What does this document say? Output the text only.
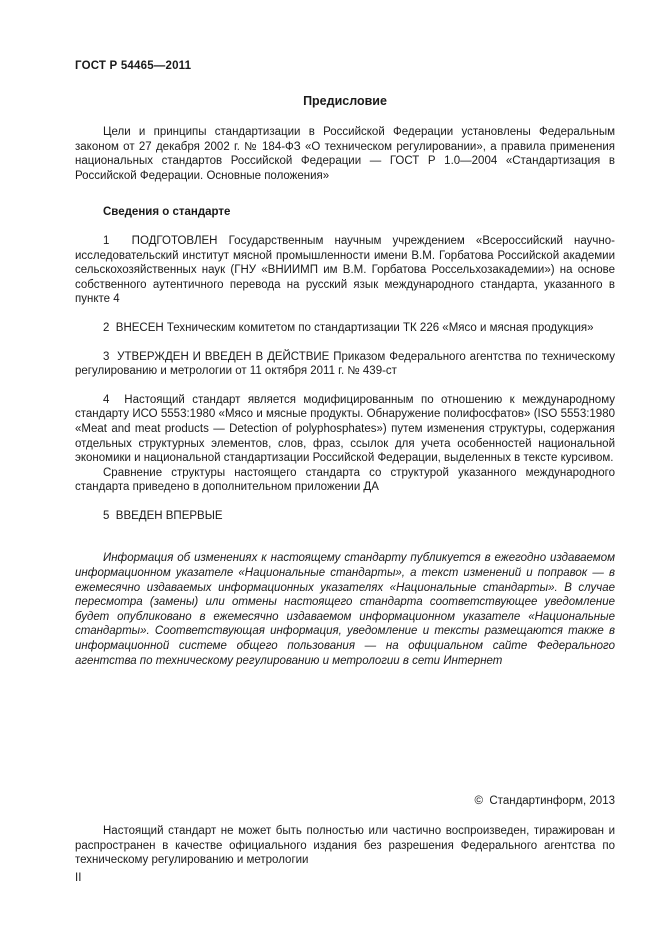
ГОСТ Р 54465—2011
Предисловие

Цели и принципы стандартизации в Российской Федерации установлены Федеральным законом от 27 декабря 2002 г. № 184-ФЗ «О техническом регулировании», а правила применения национальных стандартов Российской Федерации — ГОСТ Р 1.0—2004 «Стандартизация в Российской Федерации. Основные положения»

Сведения о стандарте

1  ПОДГОТОВЛЕН Государственным научным учреждением «Всероссийский научно-исследовательский институт мясной промышленности имени В.М. Горбатова Российской академии сельскохозяйственных наук (ГНУ «ВНИИМП им В.М. Горбатова Россельхозакадемии») на основе собственного аутентичного перевода на русский язык международного стандарта, указанного в пункте 4

2  ВНЕСЕН Техническим комитетом по стандартизации ТК 226 «Мясо и мясная продукция»

3  УТВЕРЖДЕН И ВВЕДЕН В ДЕЙСТВИЕ Приказом Федерального агентства по техническому регулированию и метрологии от 11 октября 2011 г. № 439-ст

4  Настоящий стандарт является модифицированным по отношению к международному стандарту ИСО 5553:1980 «Мясо и мясные продукты. Обнаружение полифосфатов» (ISO 5553:1980 «Meat and meat products — Detection of polyphosphates») путем изменения структуры, содержания отдельных структурных элементов, слов, фраз, ссылок для учета особенностей национальной экономики и национальной стандартизации Российской Федерации, выделенных в тексте курсивом.

Сравнение структуры настоящего стандарта со структурой указанного международного стандарта приведено в дополнительном приложении ДА

5  ВВЕДЕН ВПЕРВЫЕ

Информация об изменениях к настоящему стандарту публикуется в ежегодно издаваемом информационном указателе «Национальные стандарты», а текст изменений и поправок — в ежемесячно издаваемых информационных указателях «Национальные стандарты». В случае пересмотра (замены) или отмены настоящего стандарта соответствующее уведомление будет опубликовано в ежемесячно издаваемом информационном указателе «Национальные стандарты». Соответствующая информация, уведомление и тексты размещаются также в информационной системе общего пользования — на официальном сайте Федерального агентства по техническому регулированию и метрологии в сети Интернет

©  Стандартинформ, 2013

Настоящий стандарт не может быть полностью или частично воспроизведен, тиражирован и распространен в качестве официального издания без разрешения Федерального агентства по техническому регулированию и метрологии

II
